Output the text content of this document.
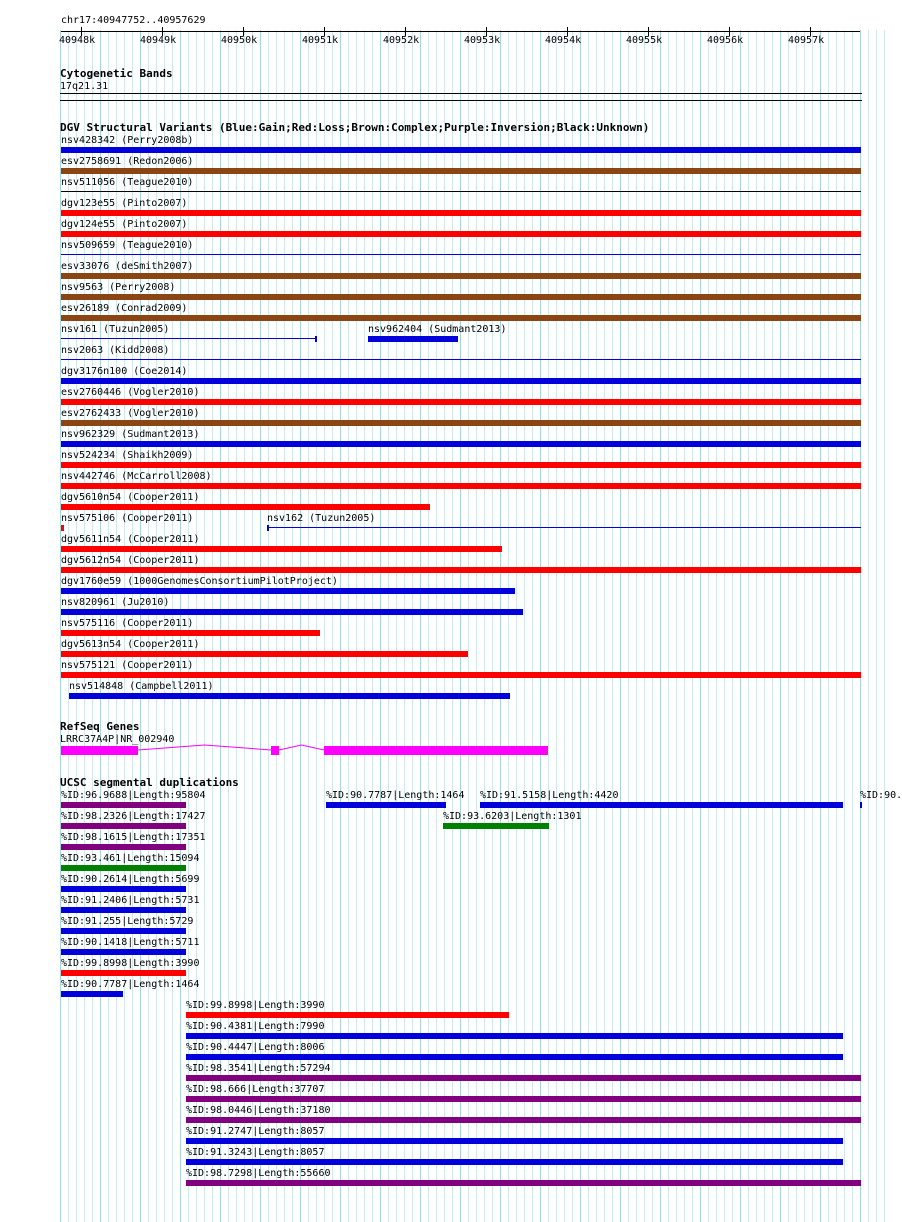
chr17:40947752..40957629
40948k	40949k	40950k	40951k	40952k	40953k	40954k	40955k	40956k	40957k
Cytogenetic Bands
17q21.31
DGV Structural Variants (Blue:Gain;Red:Loss;Brown:Complex;Purple:Inversion;Black:Unknown)
nsv428342 (Perry2008b)
esv2758691 (Redon2006)
nsv511056 (Teague2010)
dgv123e55 (Pinto2007)
dgv124e55 (Pinto2007)
nsv509659 (Teague2010)
esv33076 (deSmith2007)
nsv9563 (Perry2008)
esv26189 (Conrad2009)
nsv161 (Tuzun2005)	nsv962404 (Sudmant2013)
nsv2063 (Kidd2008)
dgv3176n100 (Coe2014)
esv2760446 (Vogler2010)
esv2762433 (Vogler2010)
nsv962329 (Sudmant2013)
nsv524234 (Shaikh2009)
nsv442746 (McCarroll2008)
dgv5610n54 (Cooper2011)
nsv575106 (Cooper2011)	nsv162 (Tuzun2005)
dgv5611n54 (Cooper2011)
dgv5612n54 (Cooper2011)
dgv1760e59 (1000GenomesConsortiumPilotProject)
nsv820961 (Ju2010)
nsv575116 (Cooper2011)
dgv5613n54 (Cooper2011)
nsv575121 (Cooper2011)
nsv514848 (Campbell2011)
RefSeq Genes
LRRC37A4P|NR_002940
UCSC segmental duplications
%ID:96.9688|Length:95804	%ID:90.7787|Length:1464 %ID:91.5158|Length:4420	%ID:90.
%ID:98.2326|Length:17427	%ID:93.6203|Length:1301
%ID:98.1615|Length:17351
%ID:93.461|Length:15094
%ID:90.2614|Length:5699
%ID:91.2406|Length:5731
%ID:91.255|Length:5729
%ID:90.1418|Length:5711
%ID:99.8998|Length:3990
%ID:90.7787|Length:1464
%ID:99.8998|Length:3990
%ID:90.4381|Length:7990
%ID:90.4447|Length:8006
%ID:98.3541|Length:57294
%ID:98.666|Length:37707
%ID:98.0446|Length:37180
%ID:91.2747|Length:8057
%ID:91.3243|Length:8057
%ID:98.7298|Length:55660
